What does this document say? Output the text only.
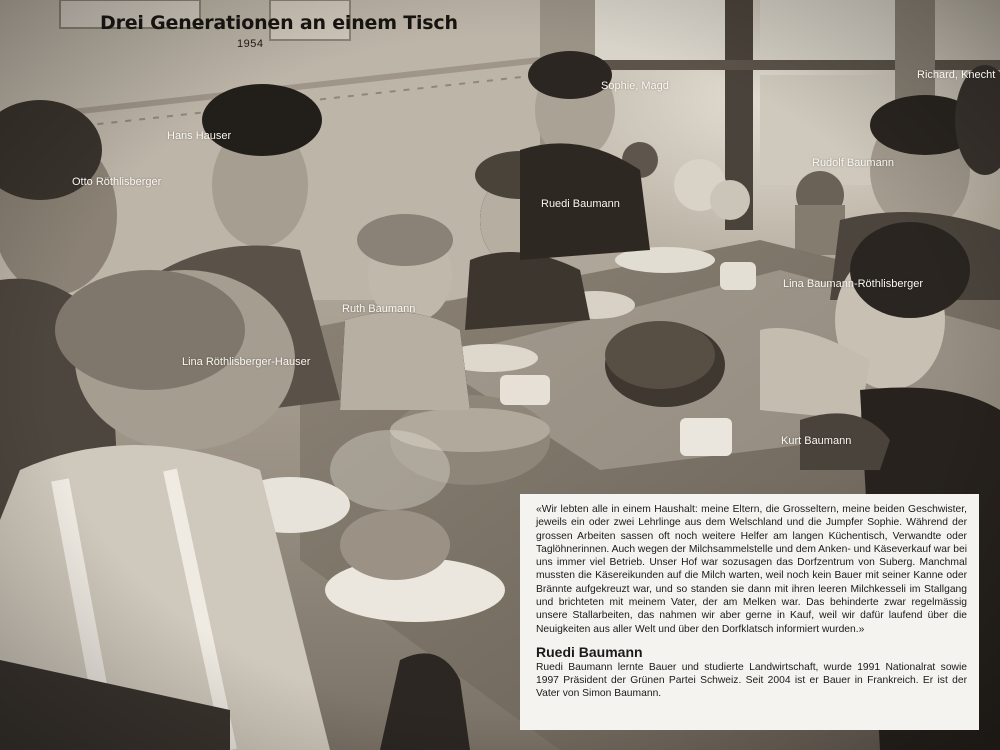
Drei Generationen an einem Tisch
1954
Otto Röthlisberger
Hans Hauser
Ruth Baumann
Ruedi Baumann
Sophie, Magd
Richard, Knecht
Rudolf Baumann
Lina Baumann-Röthlisberger
Lina Röthlisberger-Hauser
Kurt Baumann

«Wir lebten alle in einem Haushalt: meine Eltern, die Grosseltern, meine beiden Geschwister, jeweils ein oder zwei Lehrlinge aus dem Welschland und die Jumpfer Sophie. Während der grossen Arbeiten sassen oft noch weitere Helfer am langen Küchentisch, Verwandte oder Taglöhnerinnen. Auch wegen der Milchsammelstelle und dem Anken- und Käseverkauf war bei uns immer viel Betrieb. Unser Hof war sozusagen das Dorfzentrum von Suberg. Manchmal mussten die Käsereikunden auf die Milch warten, weil noch kein Bauer mit seiner Kanne oder Brännte aufgekreuzt war, und so standen sie dann mit ihren leeren Milchkesseli im Stallgang und brichteten mit meinem Vater, der am Melken war. Das behinderte zwar regelmässig unsere Stallarbeiten, das nahmen wir aber gerne in Kauf, weil wir dafür laufend über die Neuigkeiten aus aller Welt und über den Dorfklatsch informiert wurden.»

Ruedi Baumann

Ruedi Baumann lernte Bauer und studierte Landwirtschaft, wurde 1991 Nationalrat sowie 1997 Präsident der Grünen Partei Schweiz. Seit 2004 ist er Bauer in Frankreich. Er ist der Vater von Simon Baumann.
